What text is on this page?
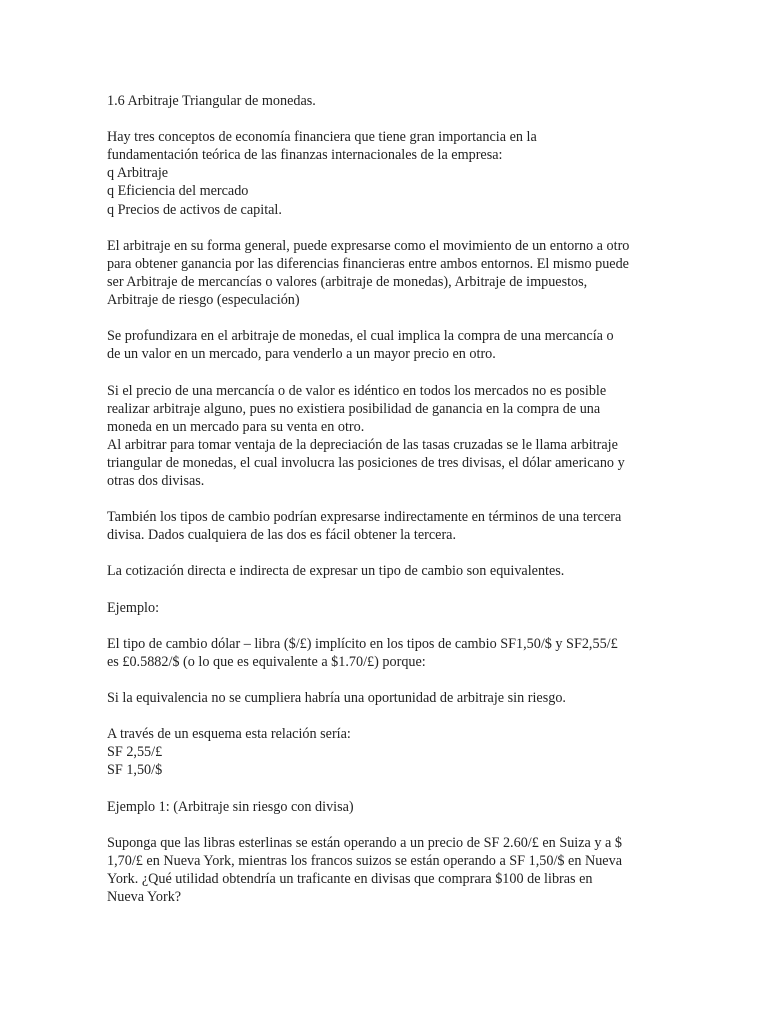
1.6 Arbitraje Triangular de monedas.

Hay tres conceptos de economía financiera que tiene gran importancia en la
fundamentación teórica de las finanzas internacionales de la empresa:
q Arbitraje
q Eficiencia del mercado
q Precios de activos de capital.

El arbitraje en su forma general, puede expresarse como el movimiento de un entorno a otro
para obtener ganancia por las diferencias financieras entre ambos entornos. El mismo puede
ser Arbitraje de mercancías o valores (arbitraje de monedas), Arbitraje de impuestos,
Arbitraje de riesgo (especulación)

Se profundizara en el arbitraje de monedas, el cual implica la compra de una mercancía o
de un valor en un mercado, para venderlo a un mayor precio en otro.

Si el precio de una mercancía o de valor es idéntico en todos los mercados no es posible
realizar arbitraje alguno, pues no existiera posibilidad de ganancia en la compra de una
moneda en un mercado para su venta en otro.
Al arbitrar para tomar ventaja de la depreciación de las tasas cruzadas se le llama arbitraje
triangular de monedas, el cual involucra las posiciones de tres divisas, el dólar americano y
otras dos divisas.

También los tipos de cambio podrían expresarse indirectamente en términos de una tercera
divisa. Dados cualquiera de las dos es fácil obtener la tercera.

La cotización directa e indirecta de expresar un tipo de cambio son equivalentes.

Ejemplo:

El tipo de cambio dólar – libra ($/£) implícito en los tipos de cambio SF1,50/$ y SF2,55/£
es £0.5882/$ (o lo que es equivalente a $1.70/£) porque:

Si la equivalencia no se cumpliera habría una oportunidad de arbitraje sin riesgo.

A través de un esquema esta relación sería:
SF 2,55/£
SF 1,50/$

Ejemplo 1: (Arbitraje sin riesgo con divisa)

Suponga que las libras esterlinas se están operando a un precio de SF 2.60/£ en Suiza y a $
1,70/£ en Nueva York, mientras los francos suizos se están operando a SF 1,50/$ en Nueva
York. ¿Qué utilidad obtendría un traficante en divisas que comprara $100 de libras en
Nueva York?
